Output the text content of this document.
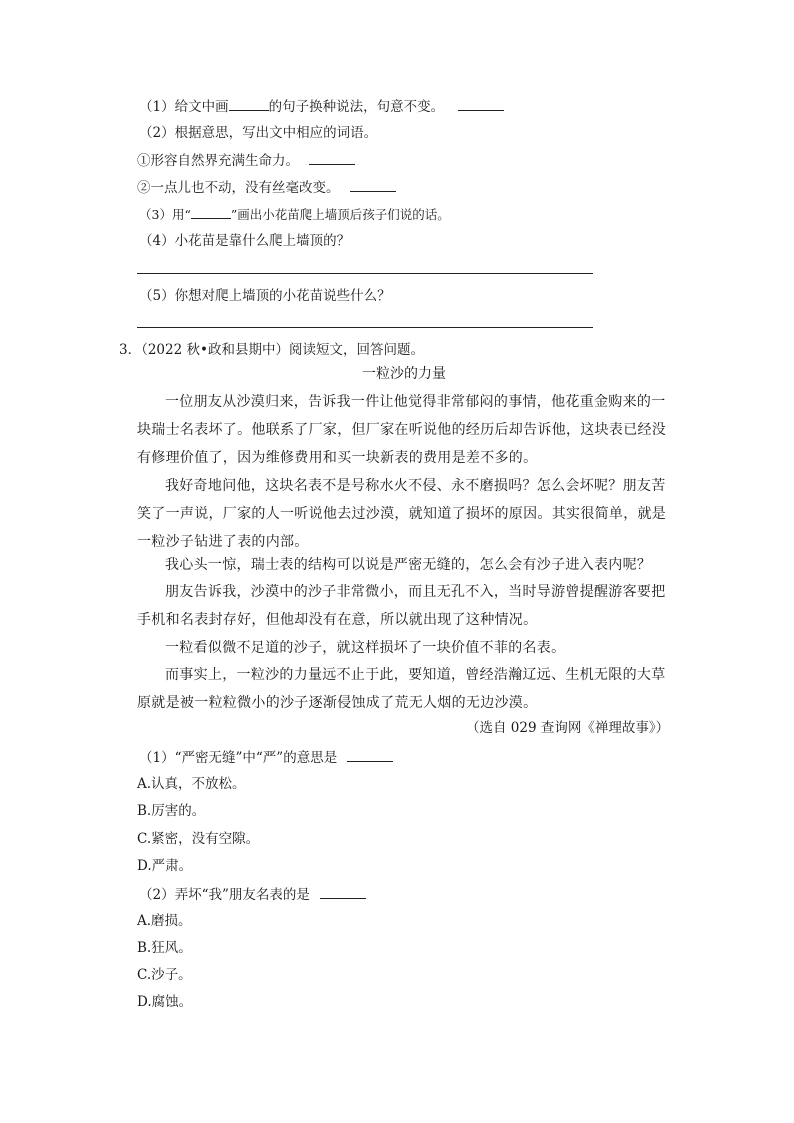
（1）给文中画	的句子换种说法，句意不变。
（2）根据意思，写出文中相应的词语。
①形容自然界充满生命力。
②一点儿也不动，没有丝毫改变。
（3）用“	”画出小花苗爬上墙顶后孩子们说的话。
（4）小花苗是靠什么爬上墙顶的？
（5）你想对爬上墙顶的小花苗说些什么？
3．（2022 秋•政和县期中）阅读短文，回答问题。
一粒沙的力量
一位朋友从沙漠归来，告诉我一件让他觉得非常郁闷的事情，他花重金购来的一块瑞士名表坏了。他联系了厂家，但厂家在听说他的经历后却告诉他，这块表已经没有修理价值了，因为维修费用和买一块新表的费用是差不多的。
我好奇地问他，这块名表不是号称水火不侵、永不磨损吗？怎么会坏呢？朋友苦笑了一声说，厂家的人一听说他去过沙漠，就知道了损坏的原因。其实很简单，就是一粒沙子钻进了表的内部。
我心头一惊，瑞士表的结构可以说是严密无缝的，怎么会有沙子进入表内呢？
朋友告诉我，沙漠中的沙子非常微小，而且无孔不入，当时导游曾提醒游客要把手机和名表封存好，但他却没有在意，所以就出现了这种情况。
一粒看似微不足道的沙子，就这样损坏了一块价值不菲的名表。
而事实上，一粒沙的力量远不止于此，要知道，曾经浩瀚辽远、生机无限的大草原就是被一粒粒微小的沙子逐渐侵蚀成了荒无人烟的无边沙漠。
（选自 029 查询网《禅理故事》）
（1）“严密无缝”中“严”的意思是
A.认真，不放松。
B.厉害的。
C.紧密，没有空隙。
D.严肃。
（2）弄坏“我”朋友名表的是
A.磨损。
B.狂风。
C.沙子。
D.腐蚀。
